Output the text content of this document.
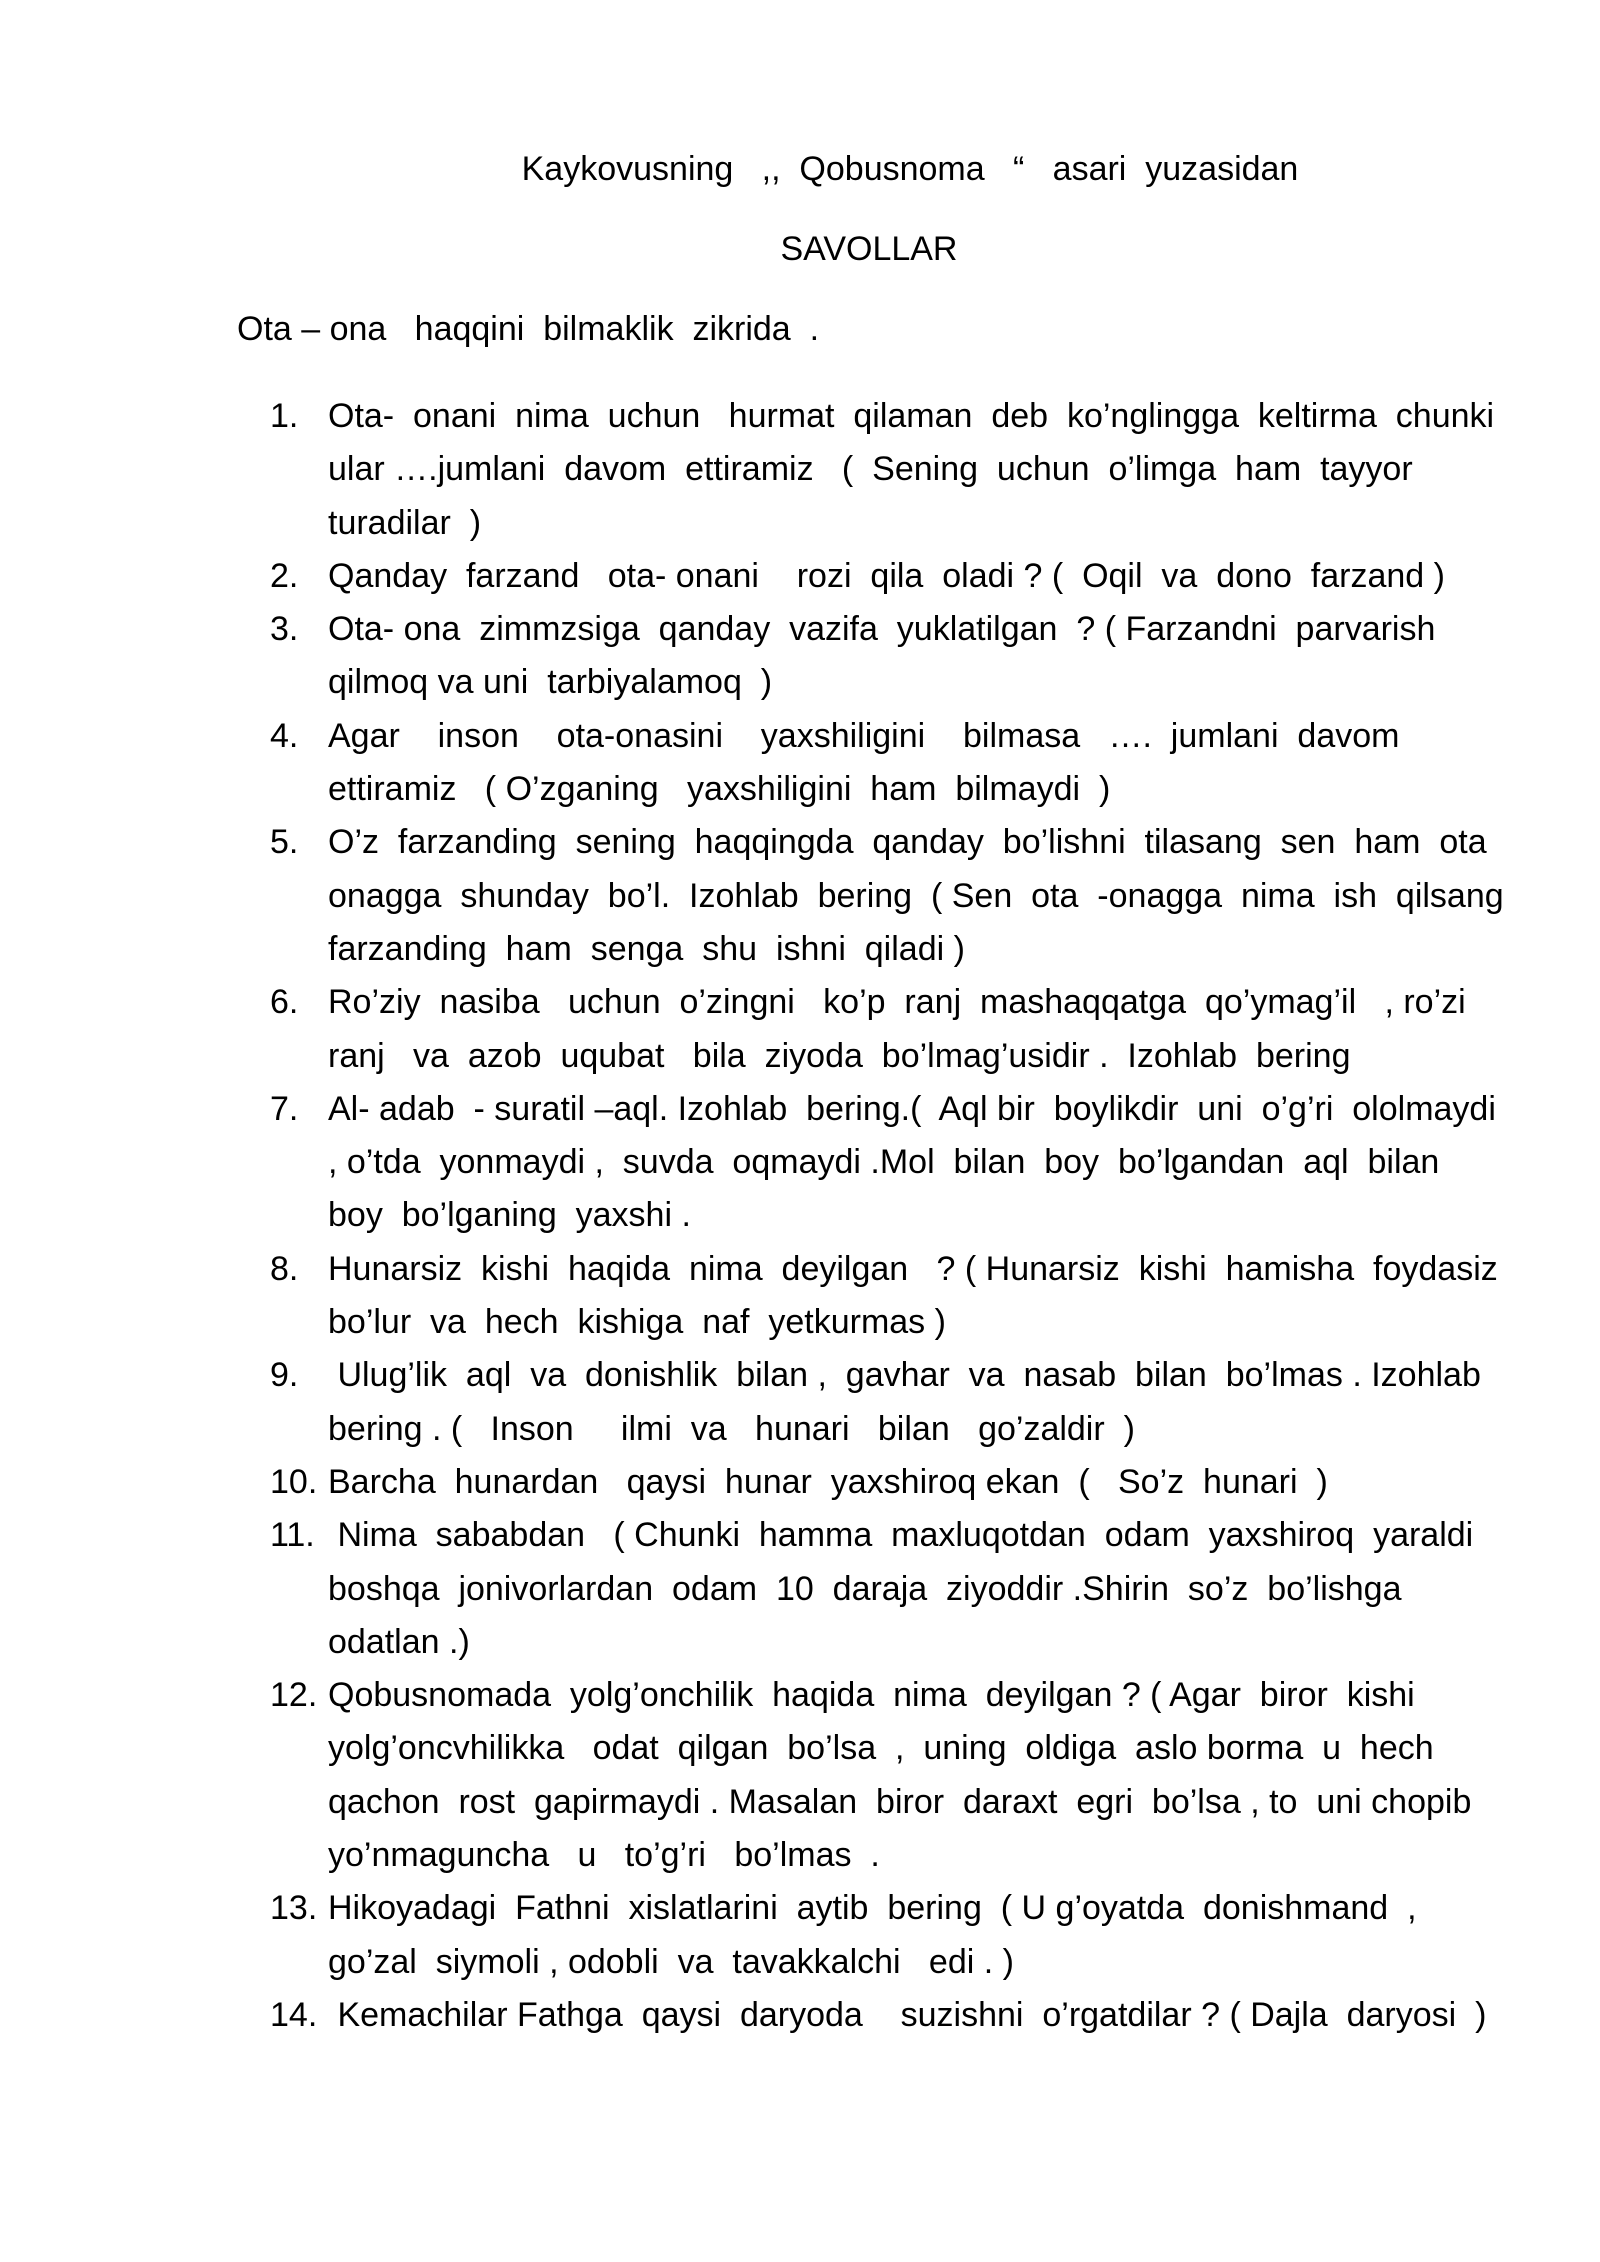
Kaykovusning   ,,  Qobusnoma   “   asari  yuzasidan
SAVOLLAR
Ota – ona   haqqini  bilmaklik  zikrida  .
1. Ota-  onani  nima  uchun   hurmat  qilaman  deb  ko’nglingga  keltirma  chunki  ular ….jumlani  davom  ettiramiz   (  Sening  uchun  o’limga  ham  tayyor  turadilar  )
2. Qanday  farzand   ota- onani    rozi  qila  oladi ? (  Oqil  va  dono  farzand )
3. Ota- ona  zimmzsiga  qanday  vazifa  yuklatilgan  ? ( Farzandni  parvarish  qilmoq va uni  tarbiyalamoq  )
4. Agar    inson    ota-onasini    yaxshiligini    bilmasa   ….  jumlani  davom  ettiramiz   ( O’zganing   yaxshiligini  ham  bilmaydi  )
5. O’z  farzanding  sening  haqqingda  qanday  bo’lishni  tilasang  sen  ham  ota  onagga  shunday  bo’l.  Izohlab  bering  ( Sen  ota  -onagga  nima  ish  qilsang  farzanding  ham  senga  shu  ishni  qiladi )
6. Ro’ziy  nasiba   uchun  o’zingni   ko’p  ranj  mashaqqatga  qo’ymag’il   , ro’zi  ranj   va  azob  uqubat   bila  ziyoda  bo’lmag’usidir .  Izohlab  bering
7. Al- adab  - suratil –aql. Izohlab  bering.(  Aql bir  boylikdir  uni  o’g’ri  ololmaydi , o’tda  yonmaydi ,  suvda  oqmaydi .Mol  bilan  boy  bo’lgandan  aql  bilan  boy  bo’lganing  yaxshi .
8. Hunarsiz  kishi  haqida  nima  deyilgan   ? ( Hunarsiz  kishi  hamisha  foydasiz  bo’lur  va  hech  kishiga  naf  yetkurmas )
9. Ulug’lik  aql  va  donishlik  bilan ,  gavhar  va  nasab  bilan  bo’lmas . Izohlab  bering . (   Inson     ilmi  va   hunari   bilan   go’zaldir  )
10. Barcha  hunardan   qaysi  hunar  yaxshiroq ekan  (   So’z  hunari  )
11. Nima  sababdan   ( Chunki  hamma  maxluqotdan  odam  yaxshiroq  yaraldi  boshqa  jonivorlardan  odam  10  daraja  ziyoddir .Shirin  so’z  bo’lishga  odatlan .)
12. Qobusnomada  yolg’onchilik  haqida  nima  deyilgan ? ( Agar  biror  kishi  yolg’oncvhilikka   odat  qilgan  bo’lsa  ,  uning  oldiga  aslo borma  u  hech  qachon  rost  gapirmaydi . Masalan  biror  daraxt  egri  bo’lsa , to  uni chopib  yo’nmaguncha   u   to’g’ri   bo’lmas  .
13. Hikoyadagi  Fathni  xislatlarini  aytib  bering  ( U g’oyatda  donishmand  ,  go’zal  siymoli , odobli  va  tavakkalchi   edi . )
14. Kemachilar Fathga  qaysi  daryoda    suzishni  o’rgatdilar ? ( Dajla  daryosi  )
